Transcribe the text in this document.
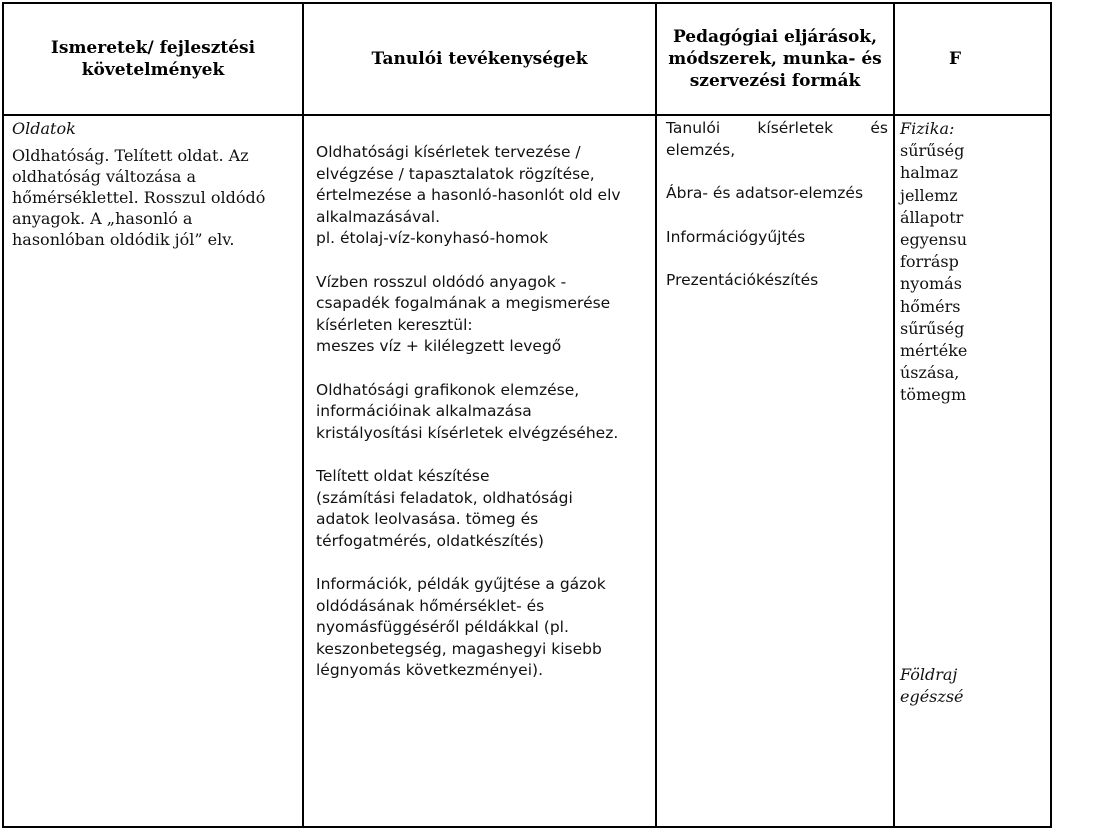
Ismeretek/ fejlesztési
követelmények
Tanulói tevékenységek
Pedagógiai eljárások,
módszerek, munka- és
szervezési formák
F
Oldatok
Oldhatóság. Telített oldat. Az
oldhatóság változása a
hőmérséklettel. Rosszul oldódó
anyagok. A „hasonló a
hasonlóban oldódik jól” elv.
Oldhatósági kísérletek tervezése /
elvégzése / tapasztalatok rögzítése,
értelmezése a hasonló-hasonlót old elv
alkalmazásával.
pl. étolaj-víz-konyhasó-homok
Vízben rosszul oldódó anyagok -
csapadék fogalmának a megismerése
kísérleten keresztül:
meszes víz + kilélegzett levegő
Oldhatósági grafikonok elemzése,
információinak alkalmazása
kristályosítási kísérletek elvégzéséhez.
Telített oldat készítése
(számítási feladatok, oldhatósági
adatok leolvasása. tömeg és
térfogatmérés, oldatkészítés)
Információk, példák gyűjtése a gázok
oldódásának hőmérséklet- és
nyomásfüggéséről példákkal (pl.
keszonbetegség, magashegyi kisebb
légnyomás következményei).
Tanulói kísérletek és
elemzés,
Ábra- és adatsor-elemzés
Információgyűjtés
Prezentációkészítés
Fizika:
sűrűség
halmaz
jellemz
állapotr
egyensu
forrásp
nyomás
hőmérs
sűrűség
mértéke
úszása,
tömegm
Földraj
egészsé
